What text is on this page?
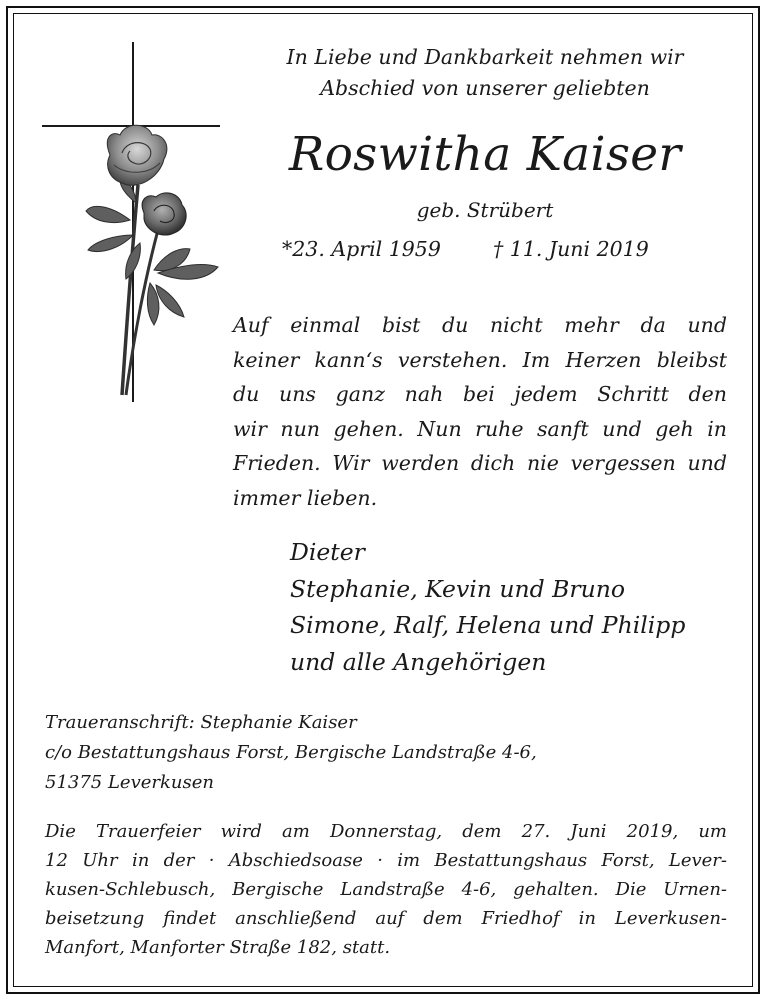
In Liebe und Dankbarkeit nehmen wir
Abschied von unserer geliebten
Roswitha Kaiser
geb. Strübert
*23. April 1959	† 11. Juni 2019
Auf einmal bist du nicht mehr da und
keiner kann‘s verstehen. Im Herzen bleibst
du uns ganz nah bei jedem Schritt den
wir nun gehen. Nun ruhe sanft und geh in
Frieden. Wir werden dich nie vergessen und
immer lieben.
Dieter
Stephanie, Kevin und Bruno
Simone, Ralf, Helena und Philipp
und alle Angehörigen
Traueranschrift: Stephanie Kaiser
c/o Bestattungshaus Forst, Bergische Landstraße 4-6,
51375 Leverkusen
Die Trauerfeier wird am Donnerstag, dem 27. Juni 2019, um
12 Uhr in der · Abschiedsoase · im Bestattungshaus Forst, Lever-
kusen-Schlebusch, Bergische Landstraße 4-6, gehalten. Die Urnen-
beisetzung findet anschließend auf dem Friedhof in Leverkusen-
Manfort, Manforter Straße 182, statt.
